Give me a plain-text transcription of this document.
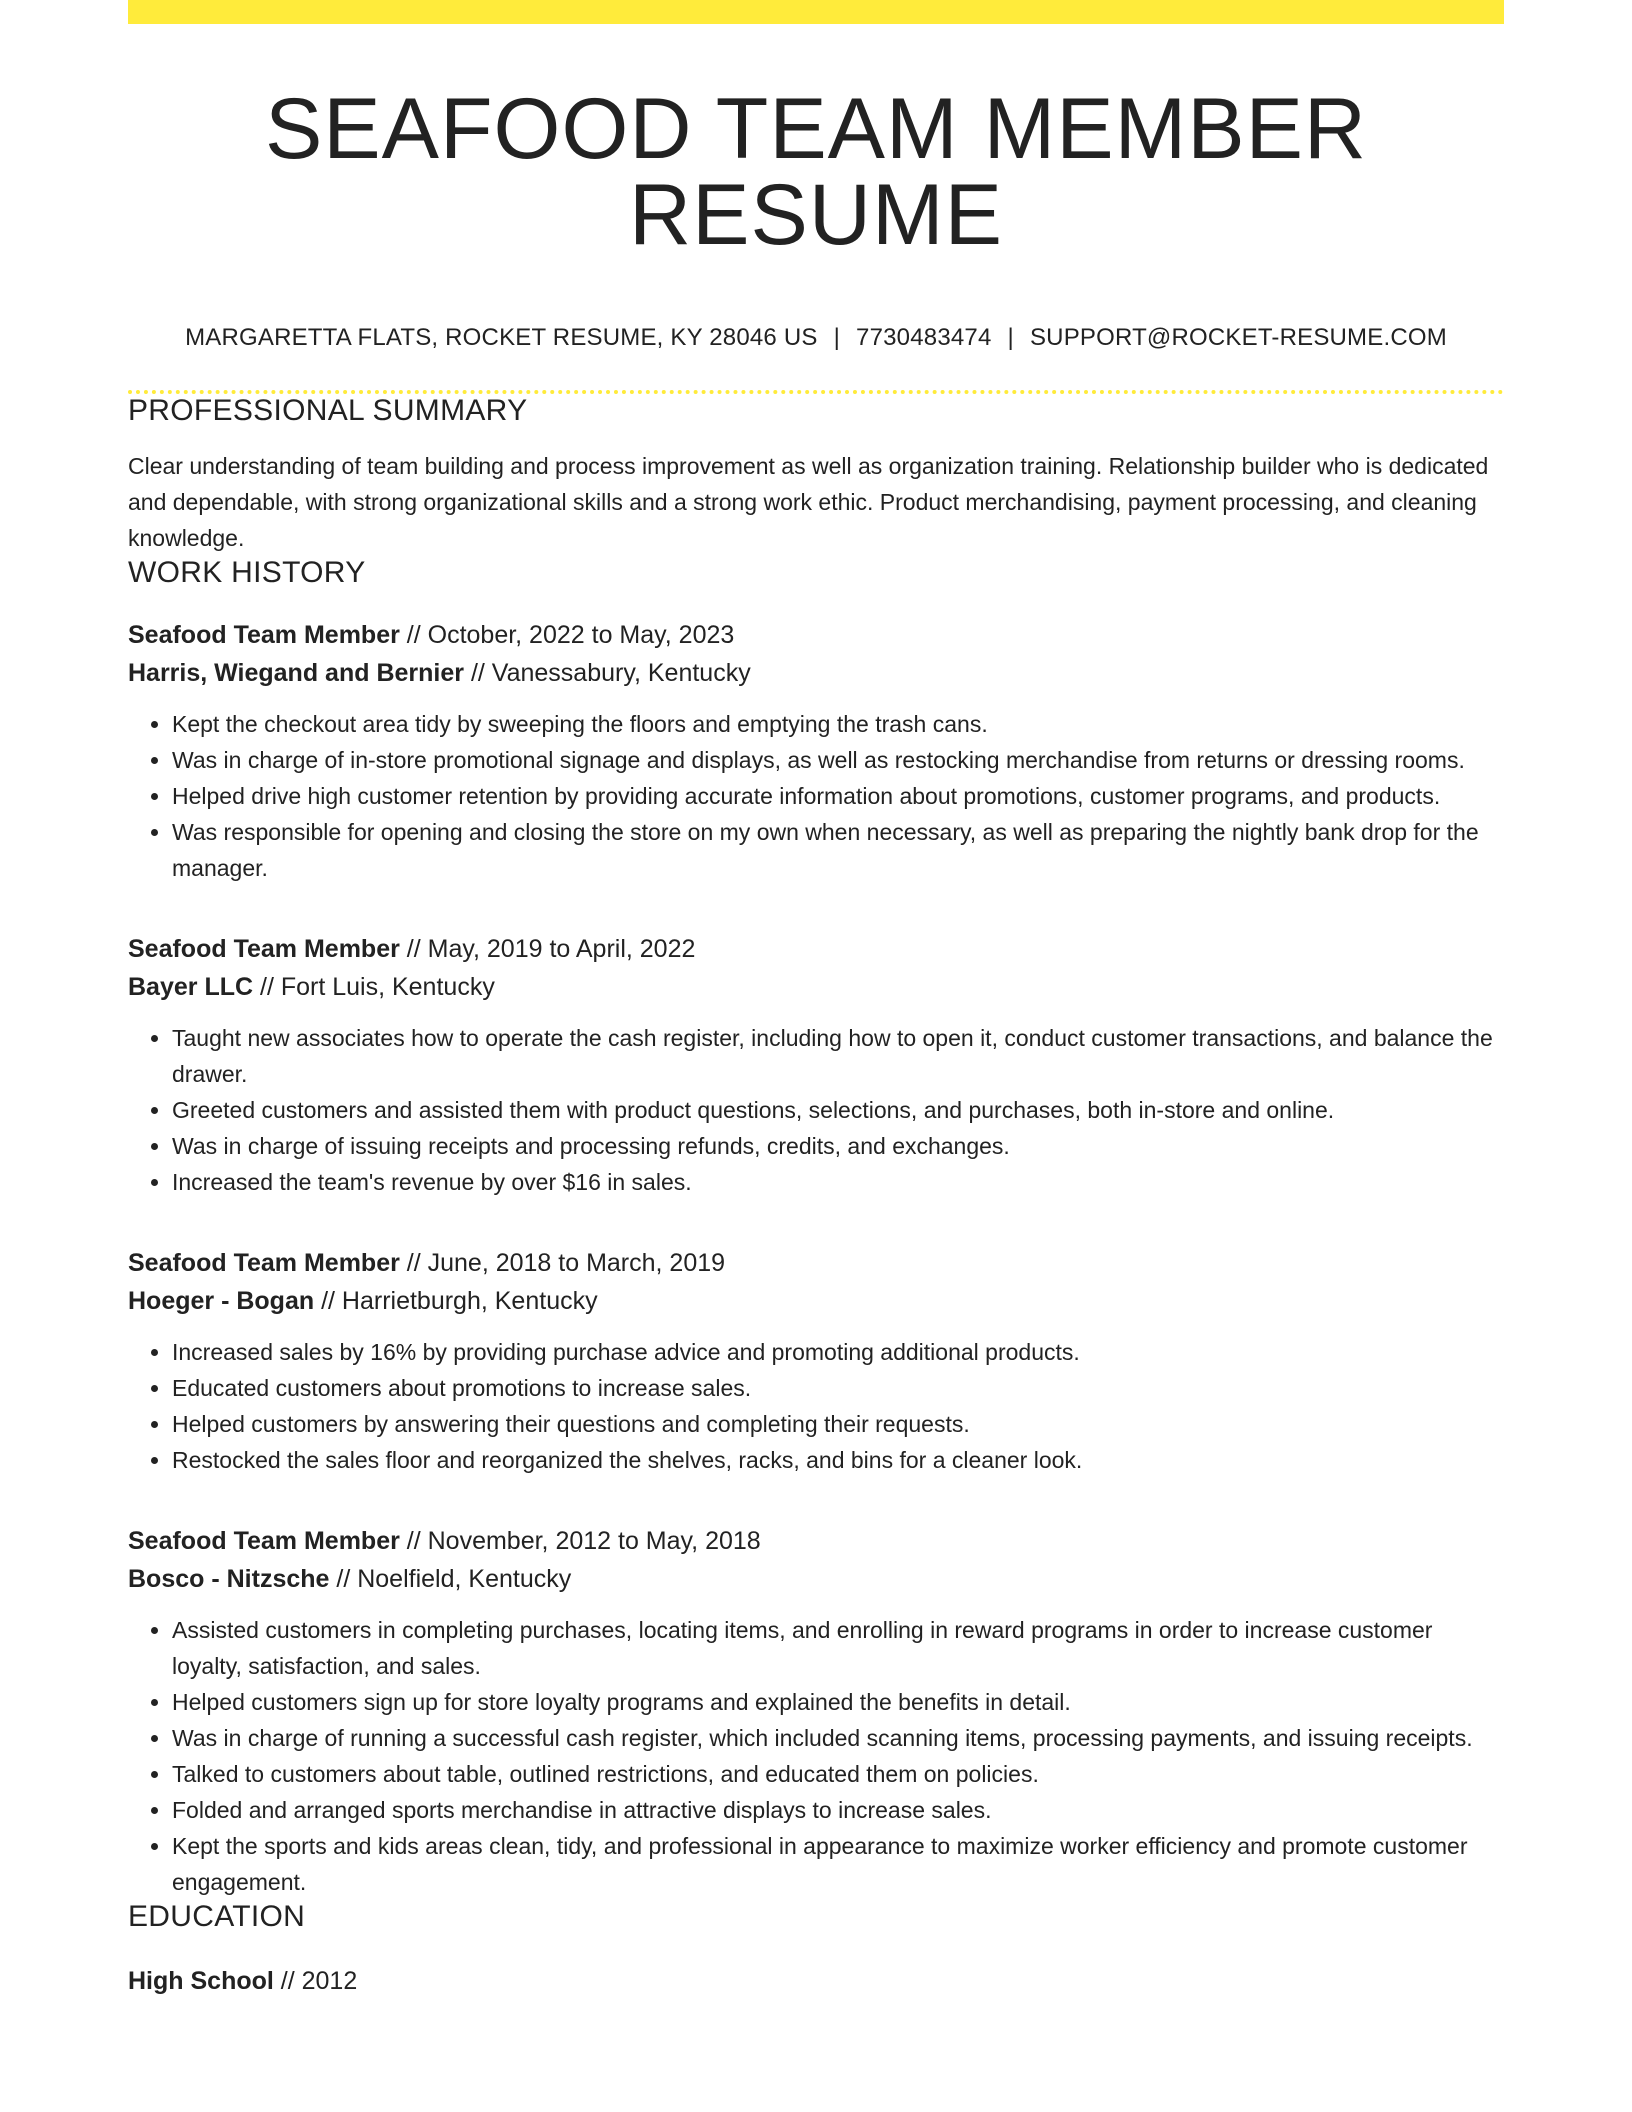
SEAFOOD TEAM MEMBER RESUME
MARGARETTA FLATS, ROCKET RESUME, KY 28046 US | 7730483474 | SUPPORT@ROCKET-RESUME.COM
PROFESSIONAL SUMMARY
Clear understanding of team building and process improvement as well as organization training. Relationship builder who is dedicated and dependable, with strong organizational skills and a strong work ethic. Product merchandising, payment processing, and cleaning knowledge.
WORK HISTORY
Seafood Team Member // October, 2022 to May, 2023
Harris, Wiegand and Bernier // Vanessabury, Kentucky
• Kept the checkout area tidy by sweeping the floors and emptying the trash cans.
• Was in charge of in-store promotional signage and displays, as well as restocking merchandise from returns or dressing rooms.
• Helped drive high customer retention by providing accurate information about promotions, customer programs, and products.
• Was responsible for opening and closing the store on my own when necessary, as well as preparing the nightly bank drop for the manager.
Seafood Team Member // May, 2019 to April, 2022
Bayer LLC // Fort Luis, Kentucky
• Taught new associates how to operate the cash register, including how to open it, conduct customer transactions, and balance the drawer.
• Greeted customers and assisted them with product questions, selections, and purchases, both in-store and online.
• Was in charge of issuing receipts and processing refunds, credits, and exchanges.
• Increased the team's revenue by over $16 in sales.
Seafood Team Member // June, 2018 to March, 2019
Hoeger - Bogan // Harrietburgh, Kentucky
• Increased sales by 16% by providing purchase advice and promoting additional products.
• Educated customers about promotions to increase sales.
• Helped customers by answering their questions and completing their requests.
• Restocked the sales floor and reorganized the shelves, racks, and bins for a cleaner look.
Seafood Team Member // November, 2012 to May, 2018
Bosco - Nitzsche // Noelfield, Kentucky
• Assisted customers in completing purchases, locating items, and enrolling in reward programs in order to increase customer loyalty, satisfaction, and sales.
• Helped customers sign up for store loyalty programs and explained the benefits in detail.
• Was in charge of running a successful cash register, which included scanning items, processing payments, and issuing receipts.
• Talked to customers about table, outlined restrictions, and educated them on policies.
• Folded and arranged sports merchandise in attractive displays to increase sales.
• Kept the sports and kids areas clean, tidy, and professional in appearance to maximize worker efficiency and promote customer engagement.
EDUCATION
High School // 2012
